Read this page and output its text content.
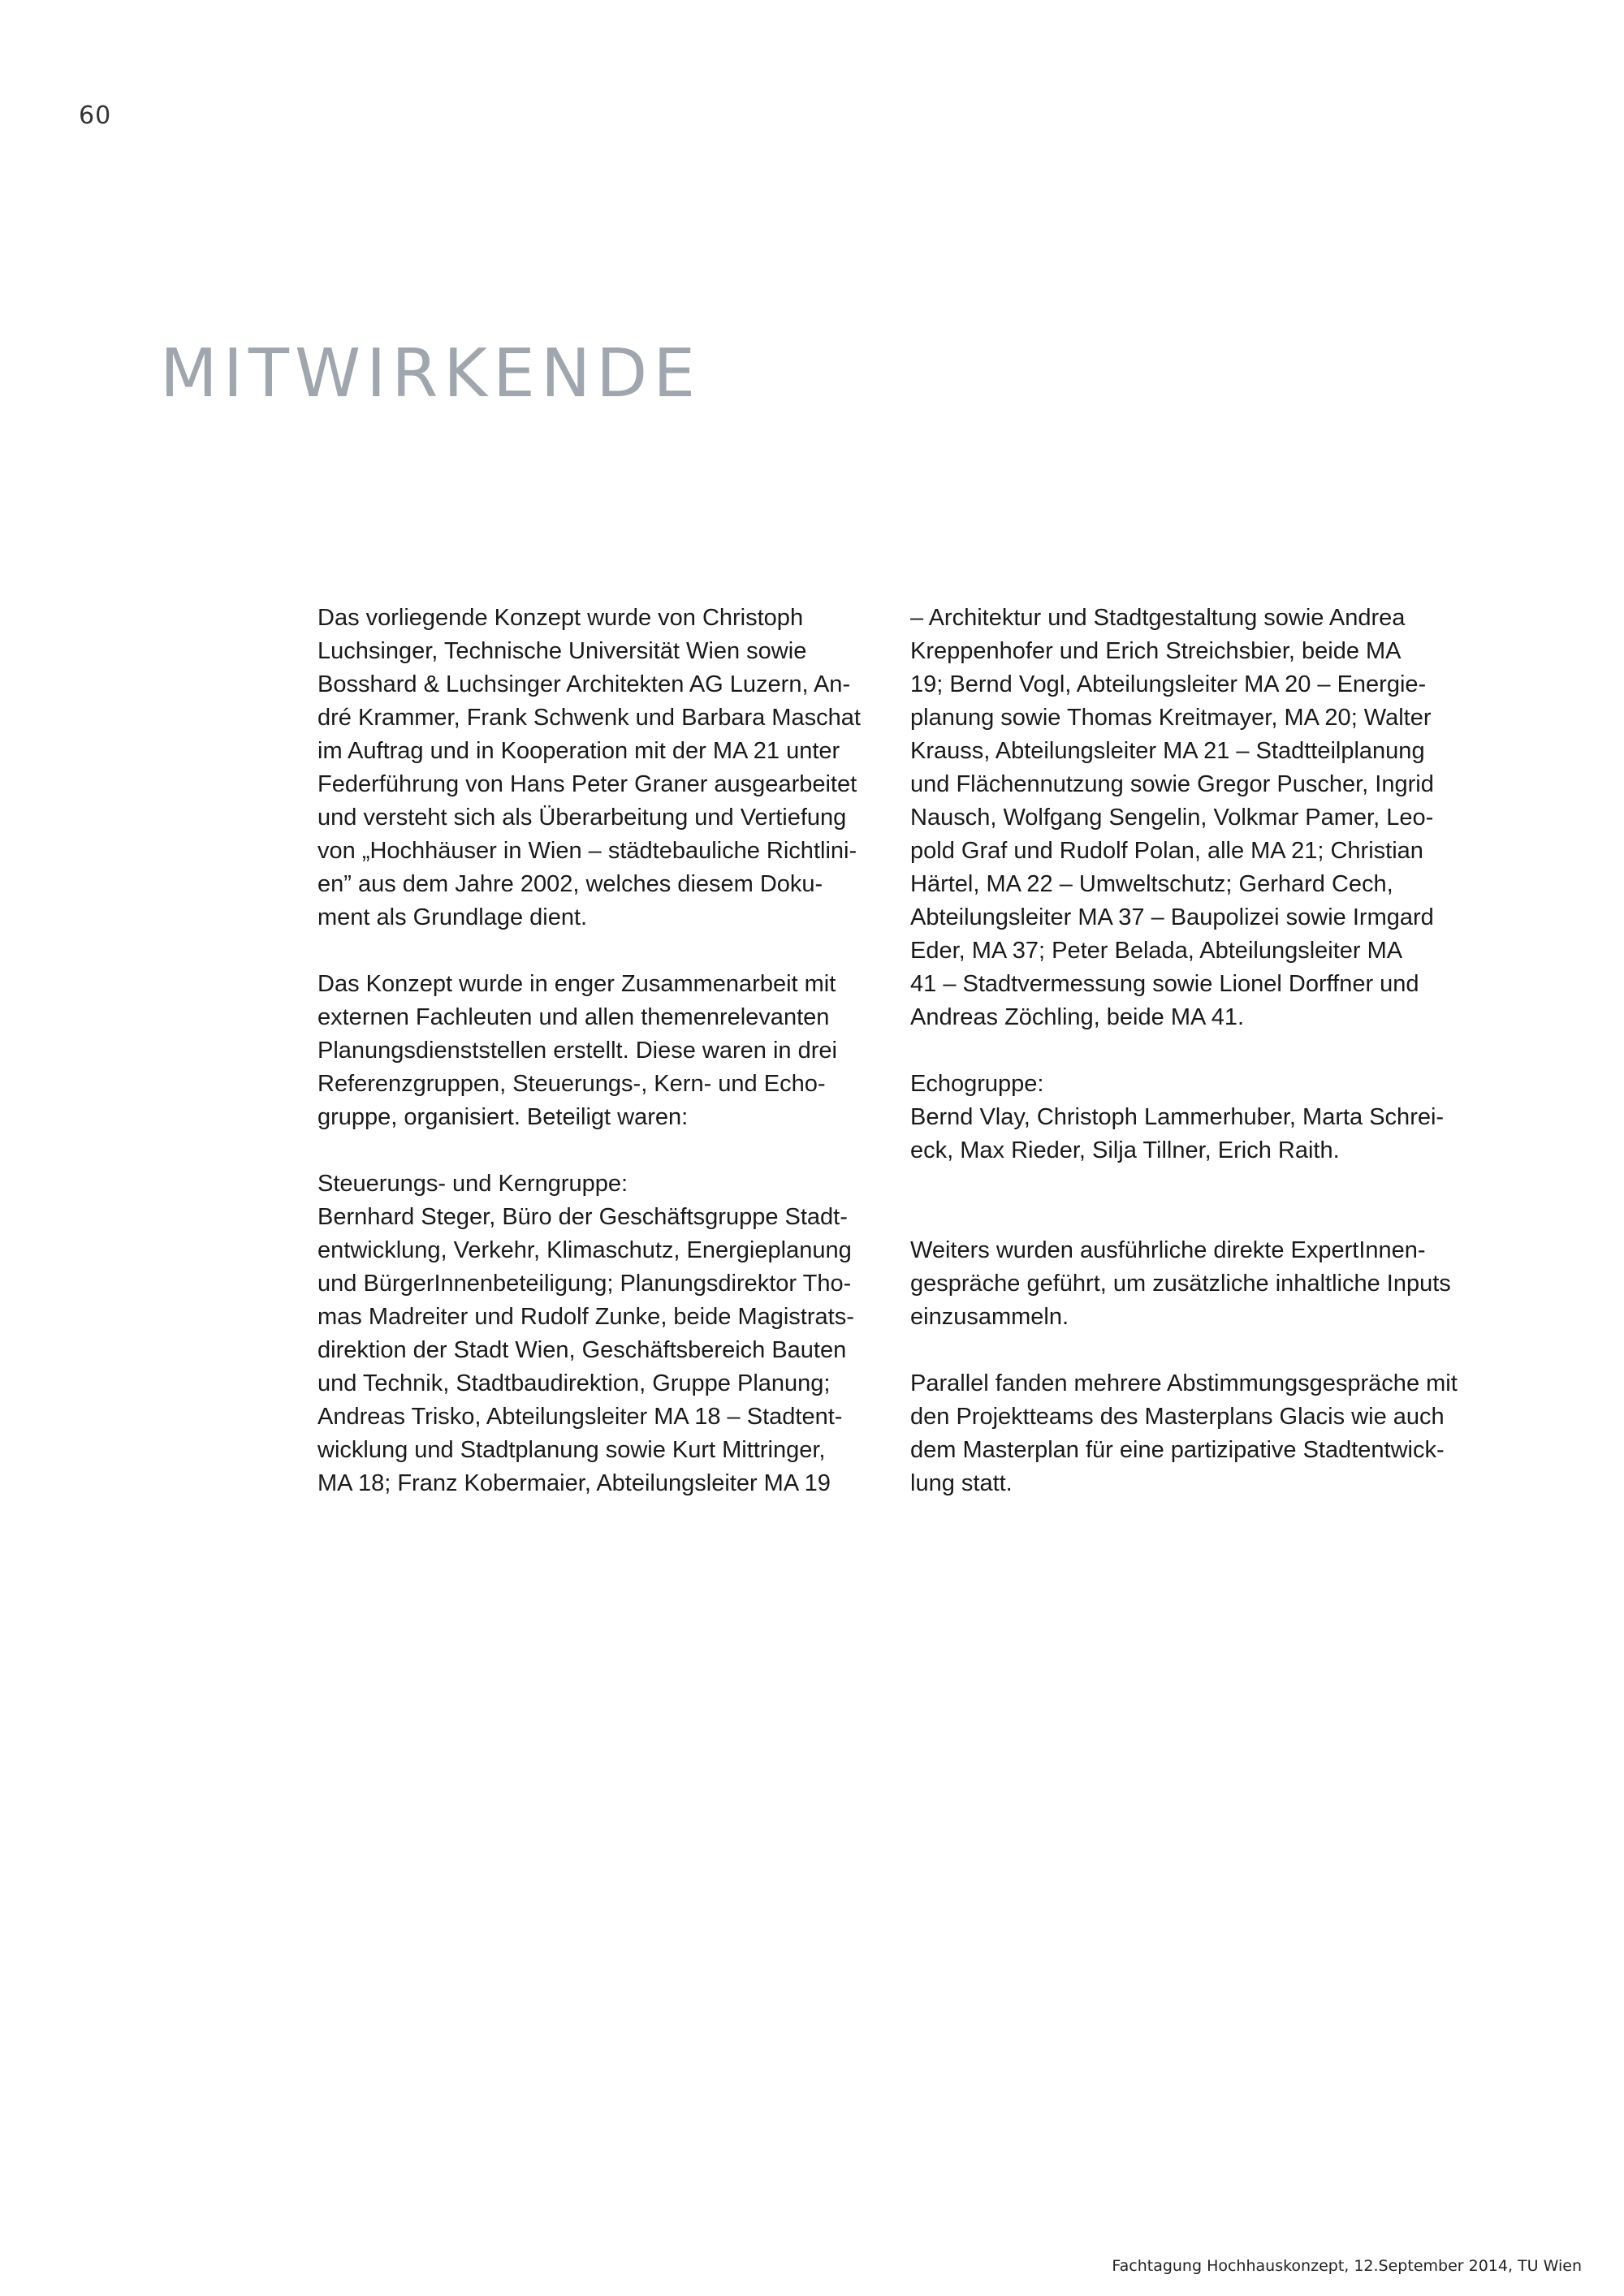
60
MITWIRKENDE

Das vorliegende Konzept wurde von Christoph
Luchsinger, Technische Universität Wien sowie
Bosshard & Luchsinger Architekten AG Luzern, An-
dré Krammer, Frank Schwenk und Barbara Maschat
im Auftrag und in Kooperation mit der MA 21 unter
Federführung von Hans Peter Graner ausgearbeitet
und versteht sich als Überarbeitung und Vertiefung
von „Hochhäuser in Wien – städtebauliche Richtlini-
en” aus dem Jahre 2002, welches diesem Doku-
ment als Grundlage dient.

Das Konzept wurde in enger Zusammenarbeit mit
externen Fachleuten und allen themenrelevanten
Planungsdienststellen erstellt. Diese waren in drei
Referenzgruppen, Steuerungs-, Kern- und Echo-
gruppe, organisiert. Beteiligt waren:

Steuerungs- und Kerngruppe:
Bernhard Steger, Büro der Geschäftsgruppe Stadt-
entwicklung, Verkehr, Klimaschutz, Energieplanung
und BürgerInnenbeteiligung; Planungsdirektor Tho-
mas Madreiter und Rudolf Zunke, beide Magistrats-
direktion der Stadt Wien, Geschäftsbereich Bauten
und Technik, Stadtbaudirektion, Gruppe Planung;
Andreas Trisko, Abteilungsleiter MA 18 – Stadtent-
wicklung und Stadtplanung sowie Kurt Mittringer,
MA 18; Franz Kobermaier, Abteilungsleiter MA 19

– Architektur und Stadtgestaltung sowie Andrea
Kreppenhofer und Erich Streichsbier, beide MA
19; Bernd Vogl, Abteilungsleiter MA 20 – Energie-
planung sowie Thomas Kreitmayer, MA 20; Walter
Krauss, Abteilungsleiter MA 21 – Stadtteilplanung
und Flächennutzung sowie Gregor Puscher, Ingrid
Nausch, Wolfgang Sengelin, Volkmar Pamer, Leo-
pold Graf und Rudolf Polan, alle MA 21; Christian
Härtel, MA 22 – Umweltschutz; Gerhard Cech,
Abteilungsleiter MA 37 – Baupolizei sowie Irmgard
Eder, MA 37; Peter Belada, Abteilungsleiter MA
41 – Stadtvermessung sowie Lionel Dorffner und
Andreas Zöchling, beide MA 41.

Echogruppe:
Bernd Vlay, Christoph Lammerhuber, Marta Schrei-
eck, Max Rieder, Silja Tillner, Erich Raith.

Weiters wurden ausführliche direkte ExpertInnen-
gespräche geführt, um zusätzliche inhaltliche Inputs
einzusammeln.

Parallel fanden mehrere Abstimmungsgespräche mit
den Projektteams des Masterplans Glacis wie auch
dem Masterplan für eine partizipative Stadtentwick-
lung statt.

Fachtagung Hochhauskonzept, 12.September 2014, TU Wien
